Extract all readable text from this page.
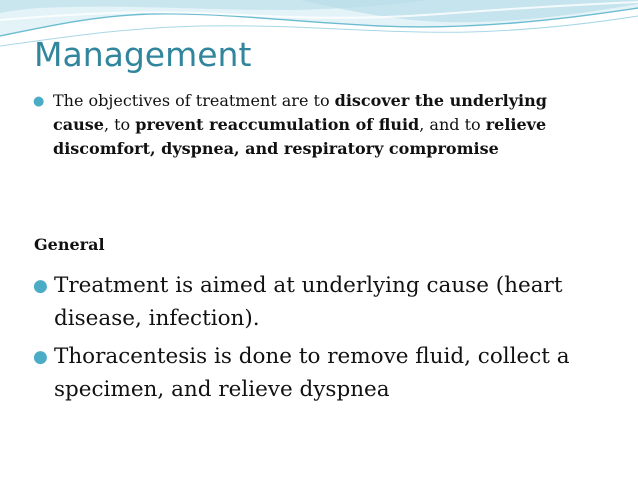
Management
● The objectives of treatment are to discover the underlying cause, to prevent reaccumulation of fluid, and to relieve discomfort, dyspnea, and respiratory compromise
General
● Treatment is aimed at underlying cause (heart disease, infection).
● Thoracentesis is done to remove fluid, collect a specimen, and relieve dyspnea
